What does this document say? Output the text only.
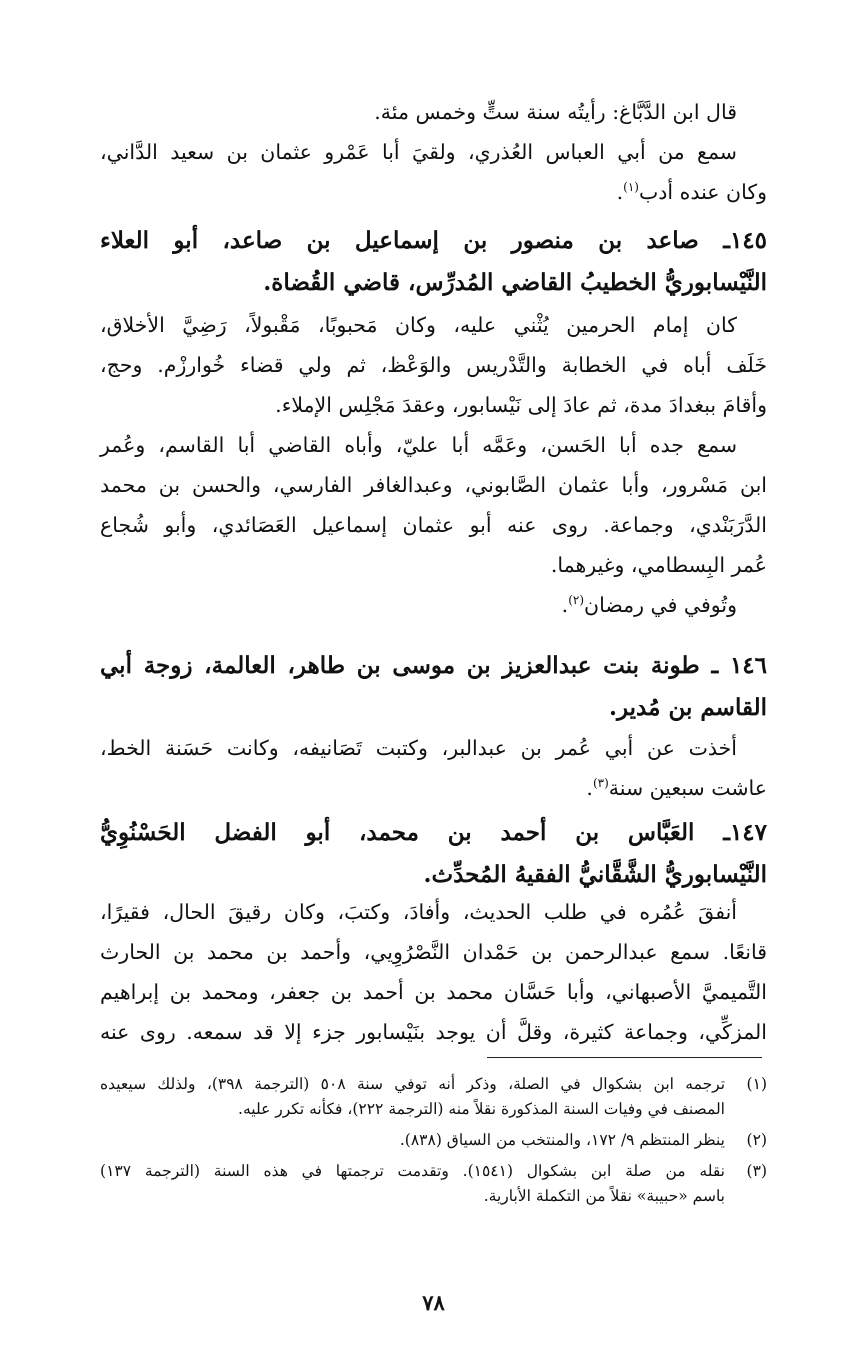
قال ابن الدَّبَّاغ: رأيتُه سنة ستٍّ وخمس مئة.
سمع من أبي العباس العُذري، ولقيَ أبا عَمْرو عثمان بن سعيد الدَّاني،
وكان عنده أدب$^{(١)}$.
١٤٥ـ صاعد بن منصور بن إسماعيل بن صاعد، أبو العلاء
النَّيْسابوريُّ الخطيبُ القاضي المُدرِّس، قاضي القُضاة.
كان إمام الحرمين يُثْني عليه، وكان مَحبوبًا، مَقْبولاً، رَضِيَّ الأخلاق،
خَلَف أباه في الخطابة والتَّدْريس والوَعْظ، ثم ولي قضاء خُوارزْم. وحج،
وأقامَ ببغدادَ مدة، ثم عادَ إلى نَيْسابور، وعقدَ مَجْلِس الإملاء.
سمع جده أبا الحَسن، وعَمَّه أبا عليّ، وأباه القاضي أبا القاسم، وعُمر
ابن مَسْرور، وأبا عثمان الصَّابوني، وعبدالغافر الفارسي، والحسن بن محمد
الدَّرَبَنْدي، وجماعة. روى عنه أبو عثمان إسماعيل العَصَائدي، وأبو شُجاع
عُمر البِسطامي، وغيرهما.
وتُوفي في رمضان$^{(٢)}$.
١٤٦ ـ طونة بنت عبدالعزيز بن موسى بن طاهر، العالمة، زوجة أبي
القاسم بن مُدير.
أخذت عن أبي عُمر بن عبدالبر، وكتبت تَصَانيفه، وكانت حَسَنة الخط،
عاشت سبعين سنة$^{(٣)}$.
١٤٧ـ العَبَّاس بن أحمد بن محمد، أبو الفضل الحَسْنُوِيُّ
النَّيْسابوريُّ الشَّقَّانيُّ الفقيهُ المُحدِّث.
أنفقَ عُمُره في طلب الحديث، وأفادَ، وكتبَ، وكان رقيقَ الحال، فقيرًا،
قانعًا. سمع عبدالرحمن بن حَمْدان النَّصْرُوِيي، وأحمد بن محمد بن الحارث
التَّميميَّ الأصبهاني، وأبا حَسَّان محمد بن أحمد بن جعفر، ومحمد بن إبراهيم
المزكِّي، وجماعة كثيرة، وقلَّ أن يوجد بنَيْسابور جزء إلا قد سمعه. روى عنه
(١)
ترجمه ابن بشكوال في الصلة، وذكر أنه توفي سنة ٥٠٨ (الترجمة ٣٩٨)، ولذلك سيعيده
المصنف في وفيات السنة المذكورة نقلاً منه (الترجمة ٢٢٢)، فكأنه تكرر عليه.
(٢)
ينظر المنتظم ٩/ ١٧٢، والمنتخب من السياق (٨٣٨).
(٣)
نقله من صلة ابن بشكوال (١٥٤١). وتقدمت ترجمتها في هذه السنة (الترجمة ١٣٧)
باسم «حبيبة» نقلاً من التكملة الأبارية.
٧٨
